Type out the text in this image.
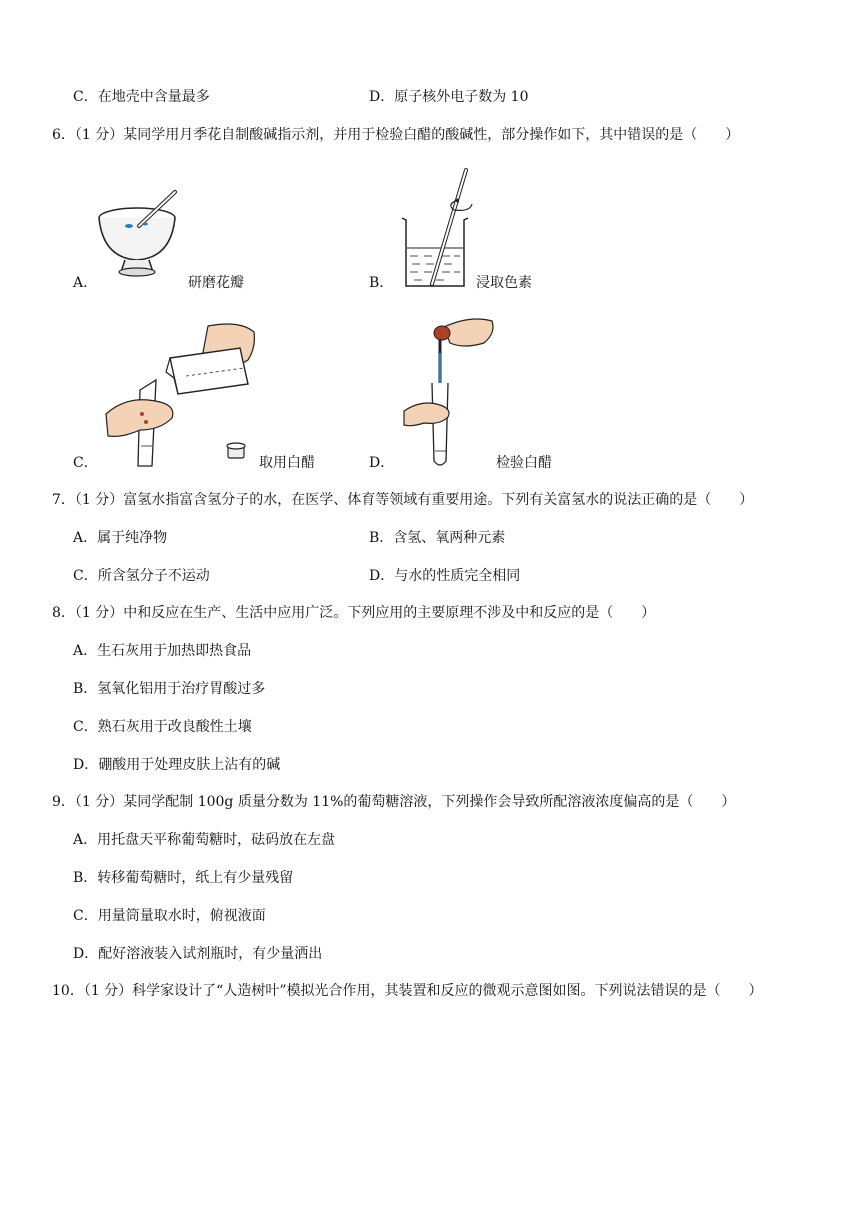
C．在地壳中含量最多	D．原子核外电子数为 10
6．（1 分）某同学用月季花自制酸碱指示剂，并用于检验白醋的酸碱性，部分操作如下，其中错误的是（　　）
A．	研磨花瓣	B．	浸取色素
C．	取用白醋	D．	检验白醋
7．（1 分）富氢水指富含氢分子的水，在医学、体育等领域有重要用途。下列有关富氢水的说法正确的是（　　）
A．属于纯净物	B．含氢、氧两种元素
C．所含氢分子不运动	D．与水的性质完全相同
8．（1 分）中和反应在生产、生活中应用广泛。下列应用的主要原理不涉及中和反应的是（　　）
A．生石灰用于加热即热食品
B．氢氧化铝用于治疗胃酸过多
C．熟石灰用于改良酸性土壤
D．硼酸用于处理皮肤上沾有的碱
9．（1 分）某同学配制 100g 质量分数为 11%的葡萄糖溶液，下列操作会导致所配溶液浓度偏高的是（　　）
A．用托盘天平称葡萄糖时，砝码放在左盘
B．转移葡萄糖时，纸上有少量残留
C．用量筒量取水时，俯视液面
D．配好溶液装入试剂瓶时，有少量洒出
10．（1 分）科学家设计了“人造树叶”模拟光合作用，其装置和反应的微观示意图如图。下列说法错误的是（　　）
